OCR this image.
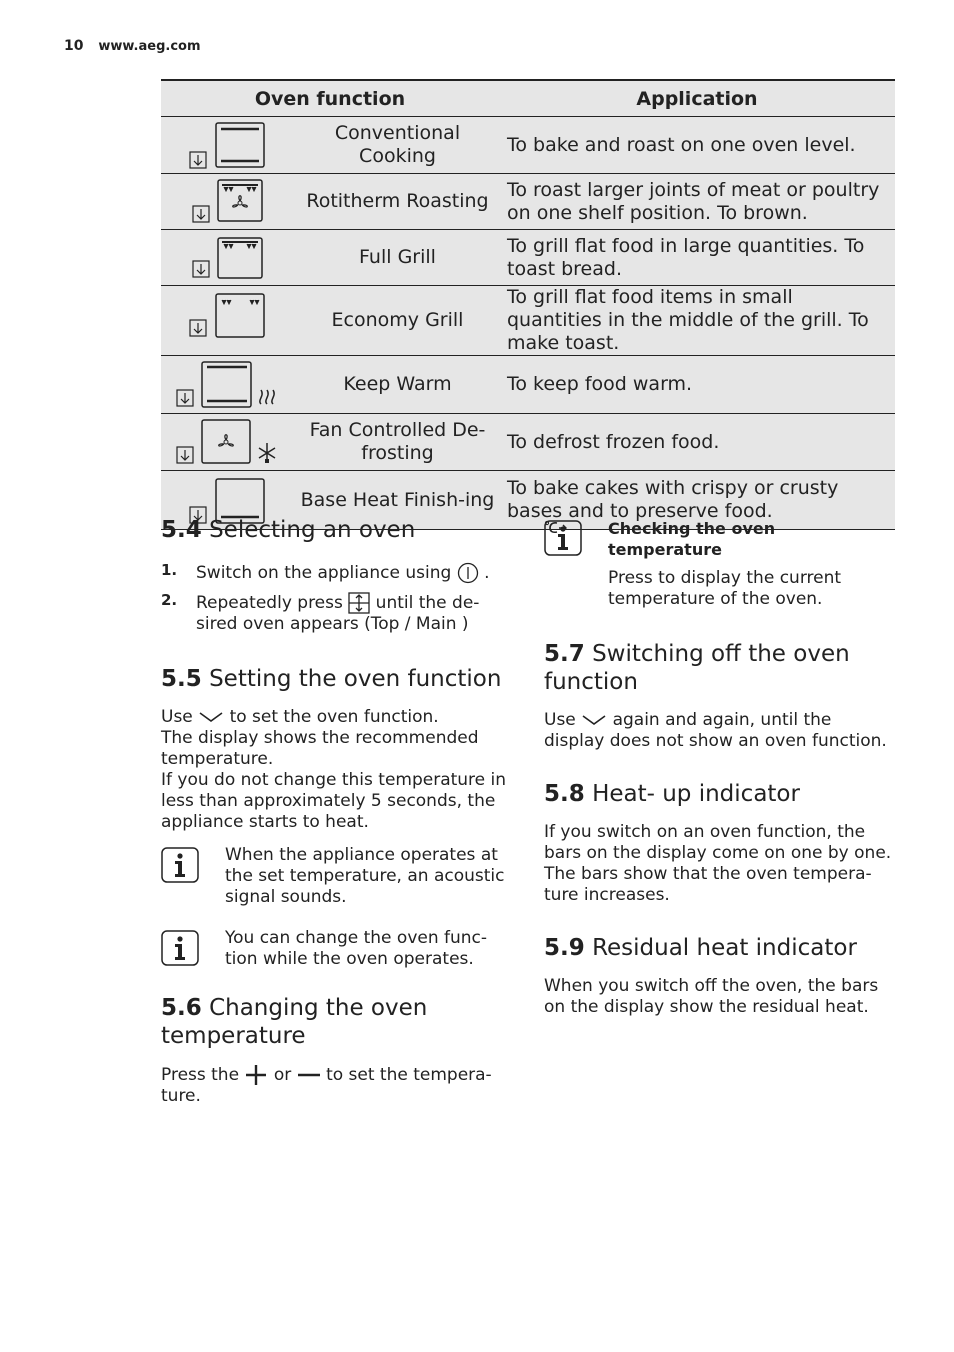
10 www.aeg.com
Oven function		Application

	Conventional Cooking	To bake and roast on one oven level.

	Rotitherm Roasting	To roast larger joints of meat or poultry on one shelf position. To brown.

	Full Grill	To grill flat food in large quantities. To toast bread.

	Economy Grill	To grill flat food items in small quantities in the middle of the grill. To make toast.

	Keep Warm	To keep food warm.

	Fan Controlled De-frosting	To defrost frozen food.

	Base Heat Finish-ing	To bake cakes with crispy or crusty bases and to preserve food.
5.4 Selecting an oven
1. Switch on the appliance using .
2. Repeatedly press until the de-sired oven appears (Top / Main )
5.5 Setting the oven function
Use to set the oven function.
The display shows the recommended temperature.
If you do not change this temperature in less than approximately 5 seconds, the appliance starts to heat.
When the appliance operates at the set temperature, an acoustic signal sounds.
You can change the oven func-tion while the oven operates.
5.6 Changing the oven temperature
Press the or to set the tempera-ture.
Checking the oven temperature
Press to display the current temperature of the oven.
5.7 Switching off the oven function
Use again and again, until the display does not show an oven function.
5.8 Heat- up indicator
If you switch on an oven function, the bars on the display come on one by one. The bars show that the oven tempera-ture increases.
5.9 Residual heat indicator
When you switch off the oven, the bars on the display show the residual heat.
